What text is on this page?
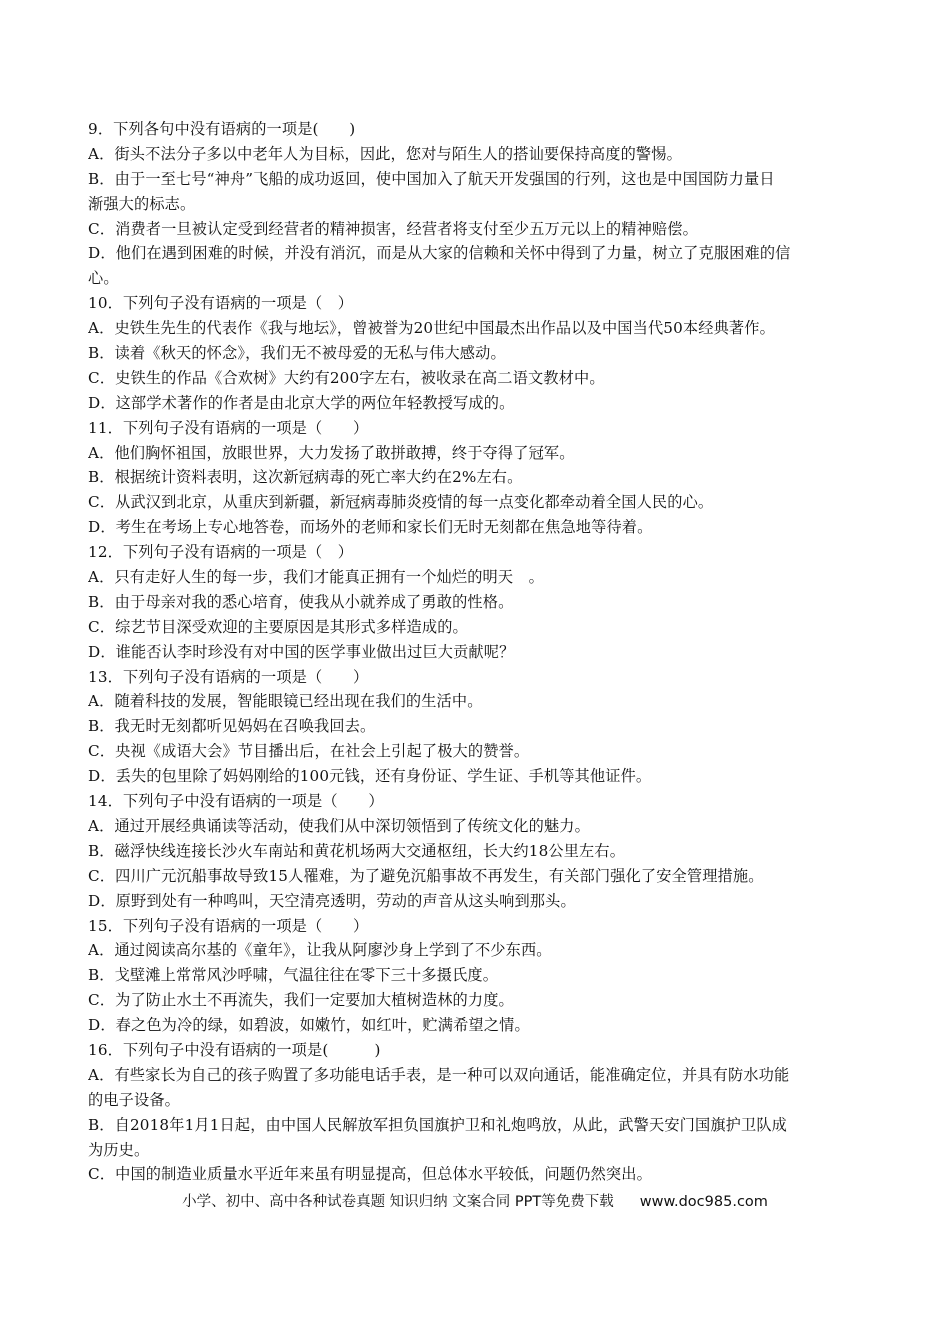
9．下列各句中没有语病的一项是(　　)
A．街头不法分子多以中老年人为目标，因此，您对与陌生人的搭讪要保持高度的警惕。
B．由于一至七号“神舟”飞船的成功返回，使中国加入了航天开发强国的行列，这也是中国国防力量日
渐强大的标志。
C．消费者一旦被认定受到经营者的精神损害，经营者将支付至少五万元以上的精神赔偿。
D．他们在遇到困难的时候，并没有消沉，而是从大家的信赖和关怀中得到了力量，树立了克服困难的信
心。
10．下列句子没有语病的一项是（　）
A．史铁生先生的代表作《我与地坛》，曾被誉为20世纪中国最杰出作品以及中国当代50本经典著作。
B．读着《秋天的怀念》，我们无不被母爱的无私与伟大感动。
C．史铁生的作品《合欢树》大约有200字左右，被收录在高二语文教材中。
D．这部学术著作的作者是由北京大学的两位年轻教授写成的。
11．下列句子没有语病的一项是（　　）
A．他们胸怀祖国，放眼世界，大力发扬了敢拼敢搏，终于夺得了冠军。
B．根据统计资料表明，这次新冠病毒的死亡率大约在2%左右。
C．从武汉到北京，从重庆到新疆，新冠病毒肺炎疫情的每一点变化都牵动着全国人民的心。
D．考生在考场上专心地答卷，而场外的老师和家长们无时无刻都在焦急地等待着。
12．下列句子没有语病的一项是（　）
A．只有走好人生的每一步，我们才能真正拥有一个灿烂的明天　。
B．由于母亲对我的悉心培育，使我从小就养成了勇敢的性格。
C．综艺节目深受欢迎的主要原因是其形式多样造成的。
D．谁能否认李时珍没有对中国的医学事业做出过巨大贡献呢？
13．下列句子没有语病的一项是（　　）
A．随着科技的发展，智能眼镜已经出现在我们的生活中。
B．我无时无刻都听见妈妈在召唤我回去。
C．央视《成语大会》节目播出后，在社会上引起了极大的赞誉。
D．丢失的包里除了妈妈刚给的100元钱，还有身份证、学生证、手机等其他证件。
14．下列句子中没有语病的一项是（　　）
A．通过开展经典诵读等活动，使我们从中深切领悟到了传统文化的魅力。
B．磁浮快线连接长沙火车南站和黄花机场两大交通枢纽，长大约18公里左右。
C．四川广元沉船事故导致15人罹难，为了避免沉船事故不再发生，有关部门强化了安全管理措施。
D．原野到处有一种鸣叫，天空清亮透明，劳动的声音从这头响到那头。
15．下列句子没有语病的一项是（　　）
A．通过阅读高尔基的《童年》，让我从阿廖沙身上学到了不少东西。
B．戈壁滩上常常风沙呼啸，气温往往在零下三十多摄氏度。
C．为了防止水土不再流失，我们一定要加大植树造林的力度。
D．春之色为冷的绿，如碧波，如嫩竹，如红叶，贮满希望之情。
16．下列句子中没有语病的一项是(　　　)
A．有些家长为自己的孩子购置了多功能电话手表，是一种可以双向通话，能准确定位，并具有防水功能
的电子设备。
B．自2018年1月1日起，由中国人民解放军担负国旗护卫和礼炮鸣放，从此，武警天安门国旗护卫队成
为历史。
C．中国的制造业质量水平近年来虽有明显提高，但总体水平较低，问题仍然突出。
小学、初中、高中各种试卷真题 知识归纳 文案合同 PPT等免费下载 www.doc985.com
